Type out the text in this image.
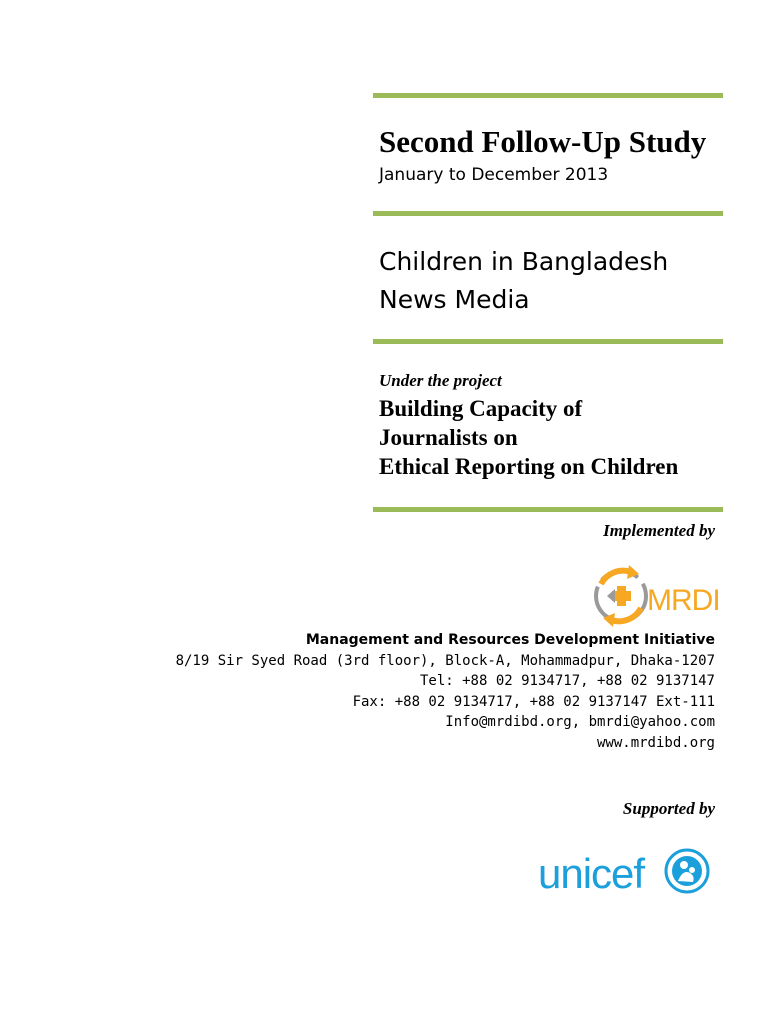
Second Follow-Up Study
January to December 2013
Children in Bangladesh
News Media
Under the project
Building Capacity of
Journalists on
Ethical Reporting on Children
Implemented by
MRDI
Management and Resources Development Initiative
8/19 Sir Syed Road (3rd floor), Block-A, Mohammadpur, Dhaka-1207
Tel: +88 02 9134717, +88 02 9137147
Fax: +88 02 9134717, +88 02 9137147 Ext-111
Info@mrdibd.org, bmrdi@yahoo.com
www.mrdibd.org
Supported by
unicef
